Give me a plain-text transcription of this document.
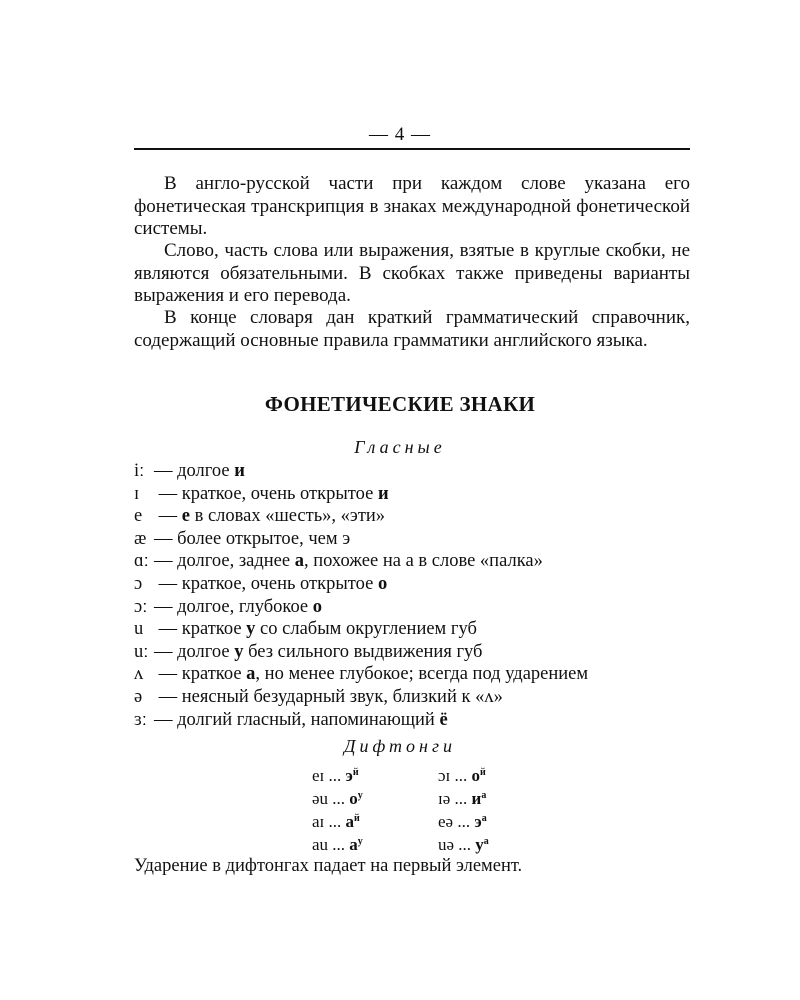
— 4 —

В англо-русской части при каждом слове указана его фонетическая транскрипция в знаках международной фонетической системы.

Слово, часть слова или выражения, взятые в круглые скобки, не являются обязательными. В скобках также приведены варианты выражения и его перевода.

В конце словаря дан краткий грамматический справочник, содержащий основные правила грамматики английского языка.

ФОНЕТИЧЕСКИЕ ЗНАКИ
Гласные
iː — долгое и
ɪ — краткое, очень открытое и
e — е в словах «шесть», «эти»
æ — более открытое, чем э
ɑː — долгое, заднее а, похожее на а в слове «палка»
ɔ — краткое, очень открытое о
ɔː — долгое, глубокое о
u — краткое у со слабым округлением губ
uː — долгое у без сильного выдвижения губ
ʌ — краткое а, но менее глубокое; всегда под ударением
ə — неясный безударный звук, близкий к «ʌ»
ɜː — долгий гласный, напоминающий ё
Дифтонги
eɪ ... $э^й$	ɔɪ ... $о^й$
əu ... $о^у$	ɪə ... $и^а$
aɪ ... $а^й$	eə ... $э^а$
au ... $а^у$	uə ... $у^а$
Ударение в дифтонгах падает на первый элемент.
